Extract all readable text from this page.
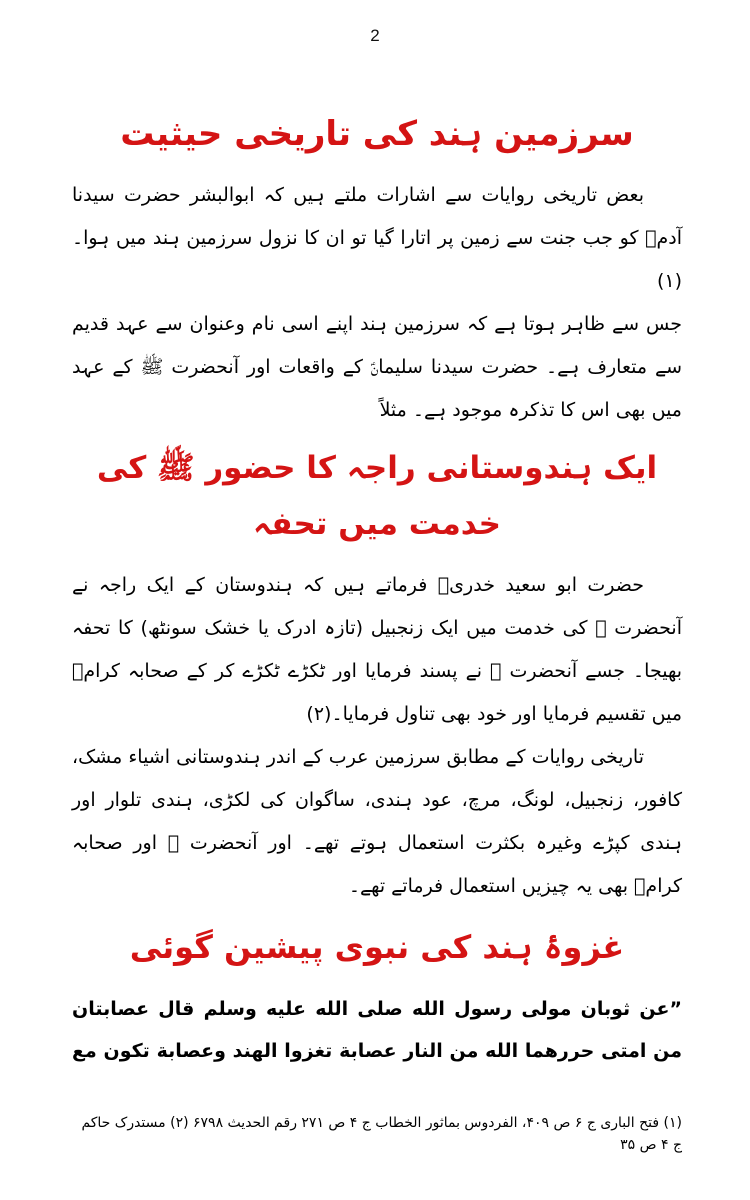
2
سرزمین ہند کی تاریخی حیثیت

بعض تاریخی روایات سے اشارات ملتے ہیں کہ ابوالبشر حضرت سیدنا آدمؑ کو جب جنت سے زمین پر اتارا گیا تو ان کا نزول سرزمین ہند میں ہوا۔(۱)

جس سے ظاہر ہوتا ہے کہ سرزمین ہند اپنے اسی نام وعنوان سے عہد قدیم سے متعارف ہے۔ حضرت سیدنا سلیمانؑ کے واقعات اور آنحضرت ﷺ کے عہد میں بھی اس کا تذکرہ موجود ہے۔ مثلاً

ایک ہندوستانی راجہ کا حضور ﷺ کی خدمت میں تحفہ

حضرت ابو سعید خدریؓ فرماتے ہیں کہ ہندوستان کے ایک راجہ نے آنحضرت ﷺ کی خدمت میں ایک زنجبیل (تازہ ادرک یا خشک سونٹھ) کا تحفہ بھیجا۔ جسے آنحضرت ﷺ نے پسند فرمایا اور ٹکڑے ٹکڑے کر کے صحابہ کرامؓ میں تقسیم فرمایا اور خود بھی تناول فرمایا۔(۲)

تاریخی روایات کے مطابق سرزمین عرب کے اندر ہندوستانی اشیاء مشک، کافور، زنجبیل، لونگ، مرچ، عود ہندی، ساگوان کی لکڑی، ہندی تلوار اور ہندی کپڑے وغیرہ بکثرت استعمال ہوتے تھے۔ اور آنحضرت ﷺ اور صحابہ کرامؓ بھی یہ چیزیں استعمال فرماتے تھے۔

غزوۂ ہند کی نبوی پیشین گوئی

”عن ثوبان مولی رسول الله صلی الله علیه وسلم قال عصابتان

من امتی حررهما الله من النار عصابة تغزوا الهند وعصابة تکون مع

(۱) فتح الباری ج ۶ ص ۴۰۹، الفردوس بماثور الخطاب ج ۴ ص ۲۷۱ رقم الحدیث ۶۷۹۸ (۲) مستدرک حاکم ج ۴ ص ۳۵
